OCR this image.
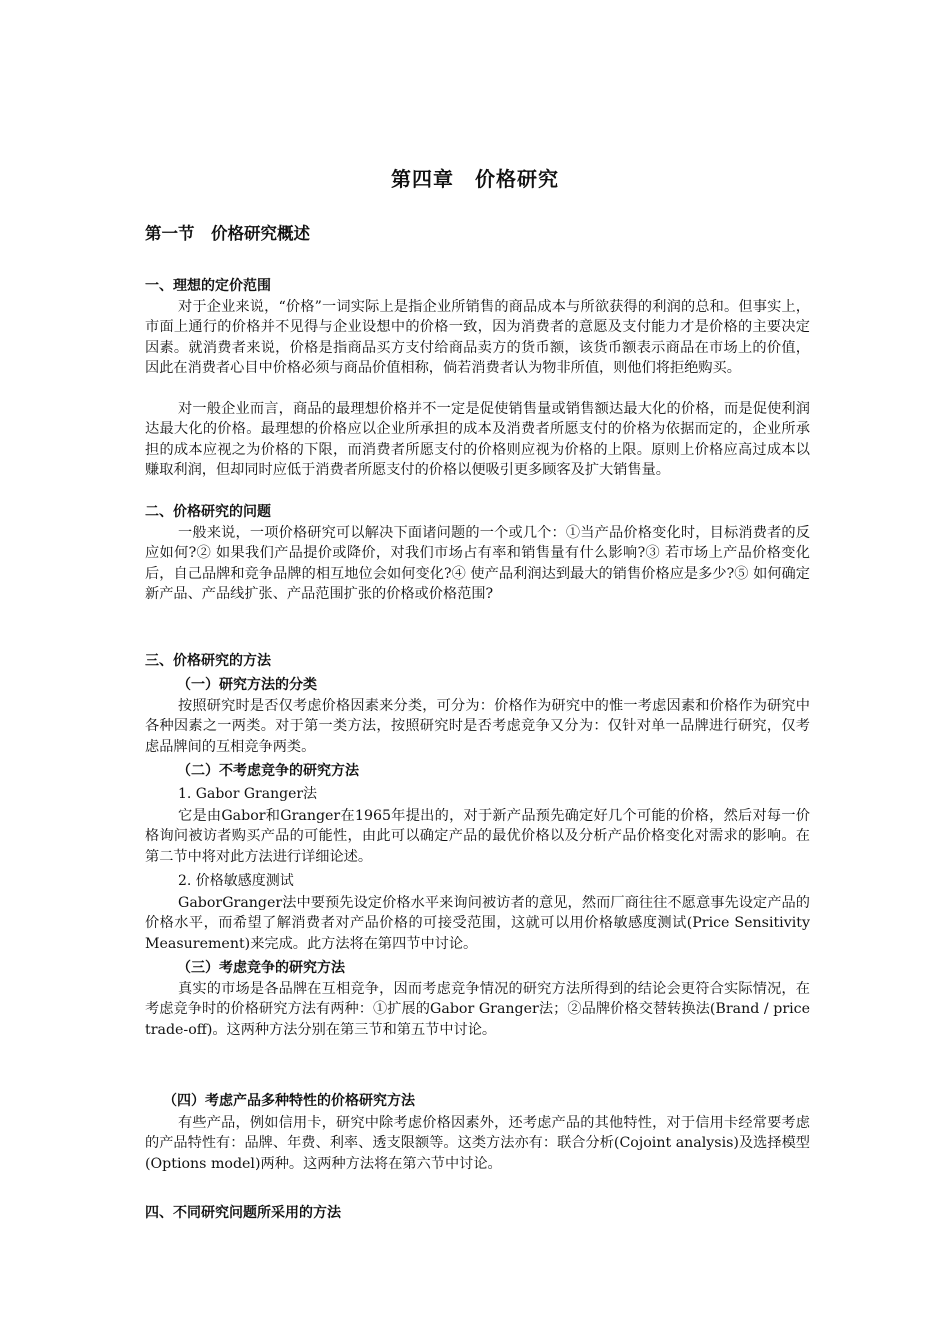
第四章　价格研究
第一节　价格研究概述
一、理想的定价范围

对于企业来说，“价格”一词实际上是指企业所销售的商品成本与所欲获得的利润的总和。但事实上，市面上通行的价格并不见得与企业设想中的价格一致，因为消费者的意愿及支付能力才是价格的主要决定因素。就消费者来说，价格是指商品买方支付给商品卖方的货币额，该货币额表示商品在市场上的价值，因此在消费者心目中价格必须与商品价值相称，倘若消费者认为物非所值，则他们将拒绝购买。

对一般企业而言，商品的最理想价格并不一定是促使销售量或销售额达最大化的价格，而是促使利润达最大化的价格。最理想的价格应以企业所承担的成本及消费者所愿支付的价格为依据而定的，企业所承担的成本应视之为价格的下限，而消费者所愿支付的价格则应视为价格的上限。原则上价格应高过成本以赚取利润，但却同时应低于消费者所愿支付的价格以便吸引更多顾客及扩大销售量。

二、价格研究的问题

一般来说，一项价格研究可以解决下面诸问题的一个或几个：①当产品价格变化时，目标消费者的反应如何?② 如果我们产品提价或降价，对我们市场占有率和销售量有什么影响?③ 若市场上产品价格变化后，自己品牌和竞争品牌的相互地位会如何变化?④ 使产品利润达到最大的销售价格应是多少?⑤ 如何确定新产品、产品线扩张、产品范围扩张的价格或价格范围?

三、价格研究的方法
（一）研究方法的分类

按照研究时是否仅考虑价格因素来分类，可分为：价格作为研究中的惟一考虑因素和价格作为研究中各种因素之一两类。对于第一类方法，按照研究时是否考虑竞争又分为：仅针对单一品牌进行研究，仅考虑品牌间的互相竞争两类。

（二）不考虑竞争的研究方法
1. Gabor Granger法

它是由Gabor和Granger在1965年提出的，对于新产品预先确定好几个可能的价格，然后对每一价格询问被访者购买产品的可能性，由此可以确定产品的最优价格以及分析产品价格变化对需求的影响。在第二节中将对此方法进行详细论述。

2. 价格敏感度测试

GaborGranger法中要预先设定价格水平来询问被访者的意见，然而厂商往往不愿意事先设定产品的价格水平，而希望了解消费者对产品价格的可接受范围，这就可以用价格敏感度测试(Price Sensitivity Measurement)来完成。此方法将在第四节中讨论。

（三）考虑竞争的研究方法

真实的市场是各品牌在互相竞争，因而考虑竞争情况的研究方法所得到的结论会更符合实际情况，在考虑竞争时的价格研究方法有两种：①扩展的Gabor Granger法；②品牌价格交替转换法(Brand / price trade-off)。这两种方法分别在第三节和第五节中讨论。

（四）考虑产品多种特性的价格研究方法

有些产品，例如信用卡，研究中除考虑价格因素外，还考虑产品的其他特性，对于信用卡经常要考虑的产品特性有：品牌、年费、利率、透支限额等。这类方法亦有：联合分析(Cojoint analysis)及选择模型(Options model)两种。这两种方法将在第六节中讨论。

四、不同研究问题所采用的方法
